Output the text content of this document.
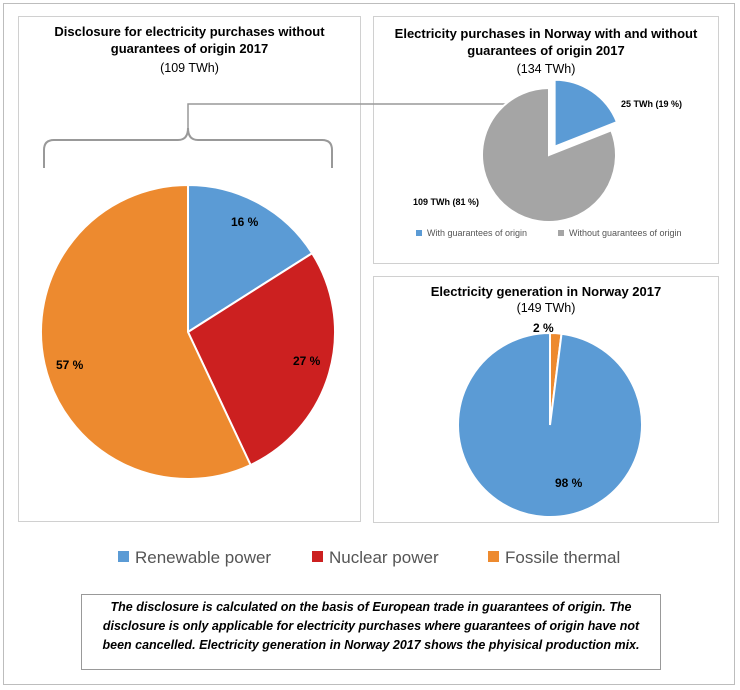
Disclosure for electricity purchases without guarantees of origin 2017
(109 TWh)
Electricity purchases in Norway with and without guarantees of origin 2017
(134 TWh)
With guarantees of origin	Without guarantees of origin
Electricity generation in Norway 2017
(149 TWh)
16 %
27 %
57 %
25 TWh (19 %)
109 TWh (81 %)
2 %
98 %
Renewable power	Nuclear power	Fossile thermal
The disclosure is calculated on the basis of European trade in guarantees of origin. The disclosure is only applicable for electricity purchases where guarantees of origin have not been cancelled. Electricity generation in Norway 2017 shows the phyisical production mix.
